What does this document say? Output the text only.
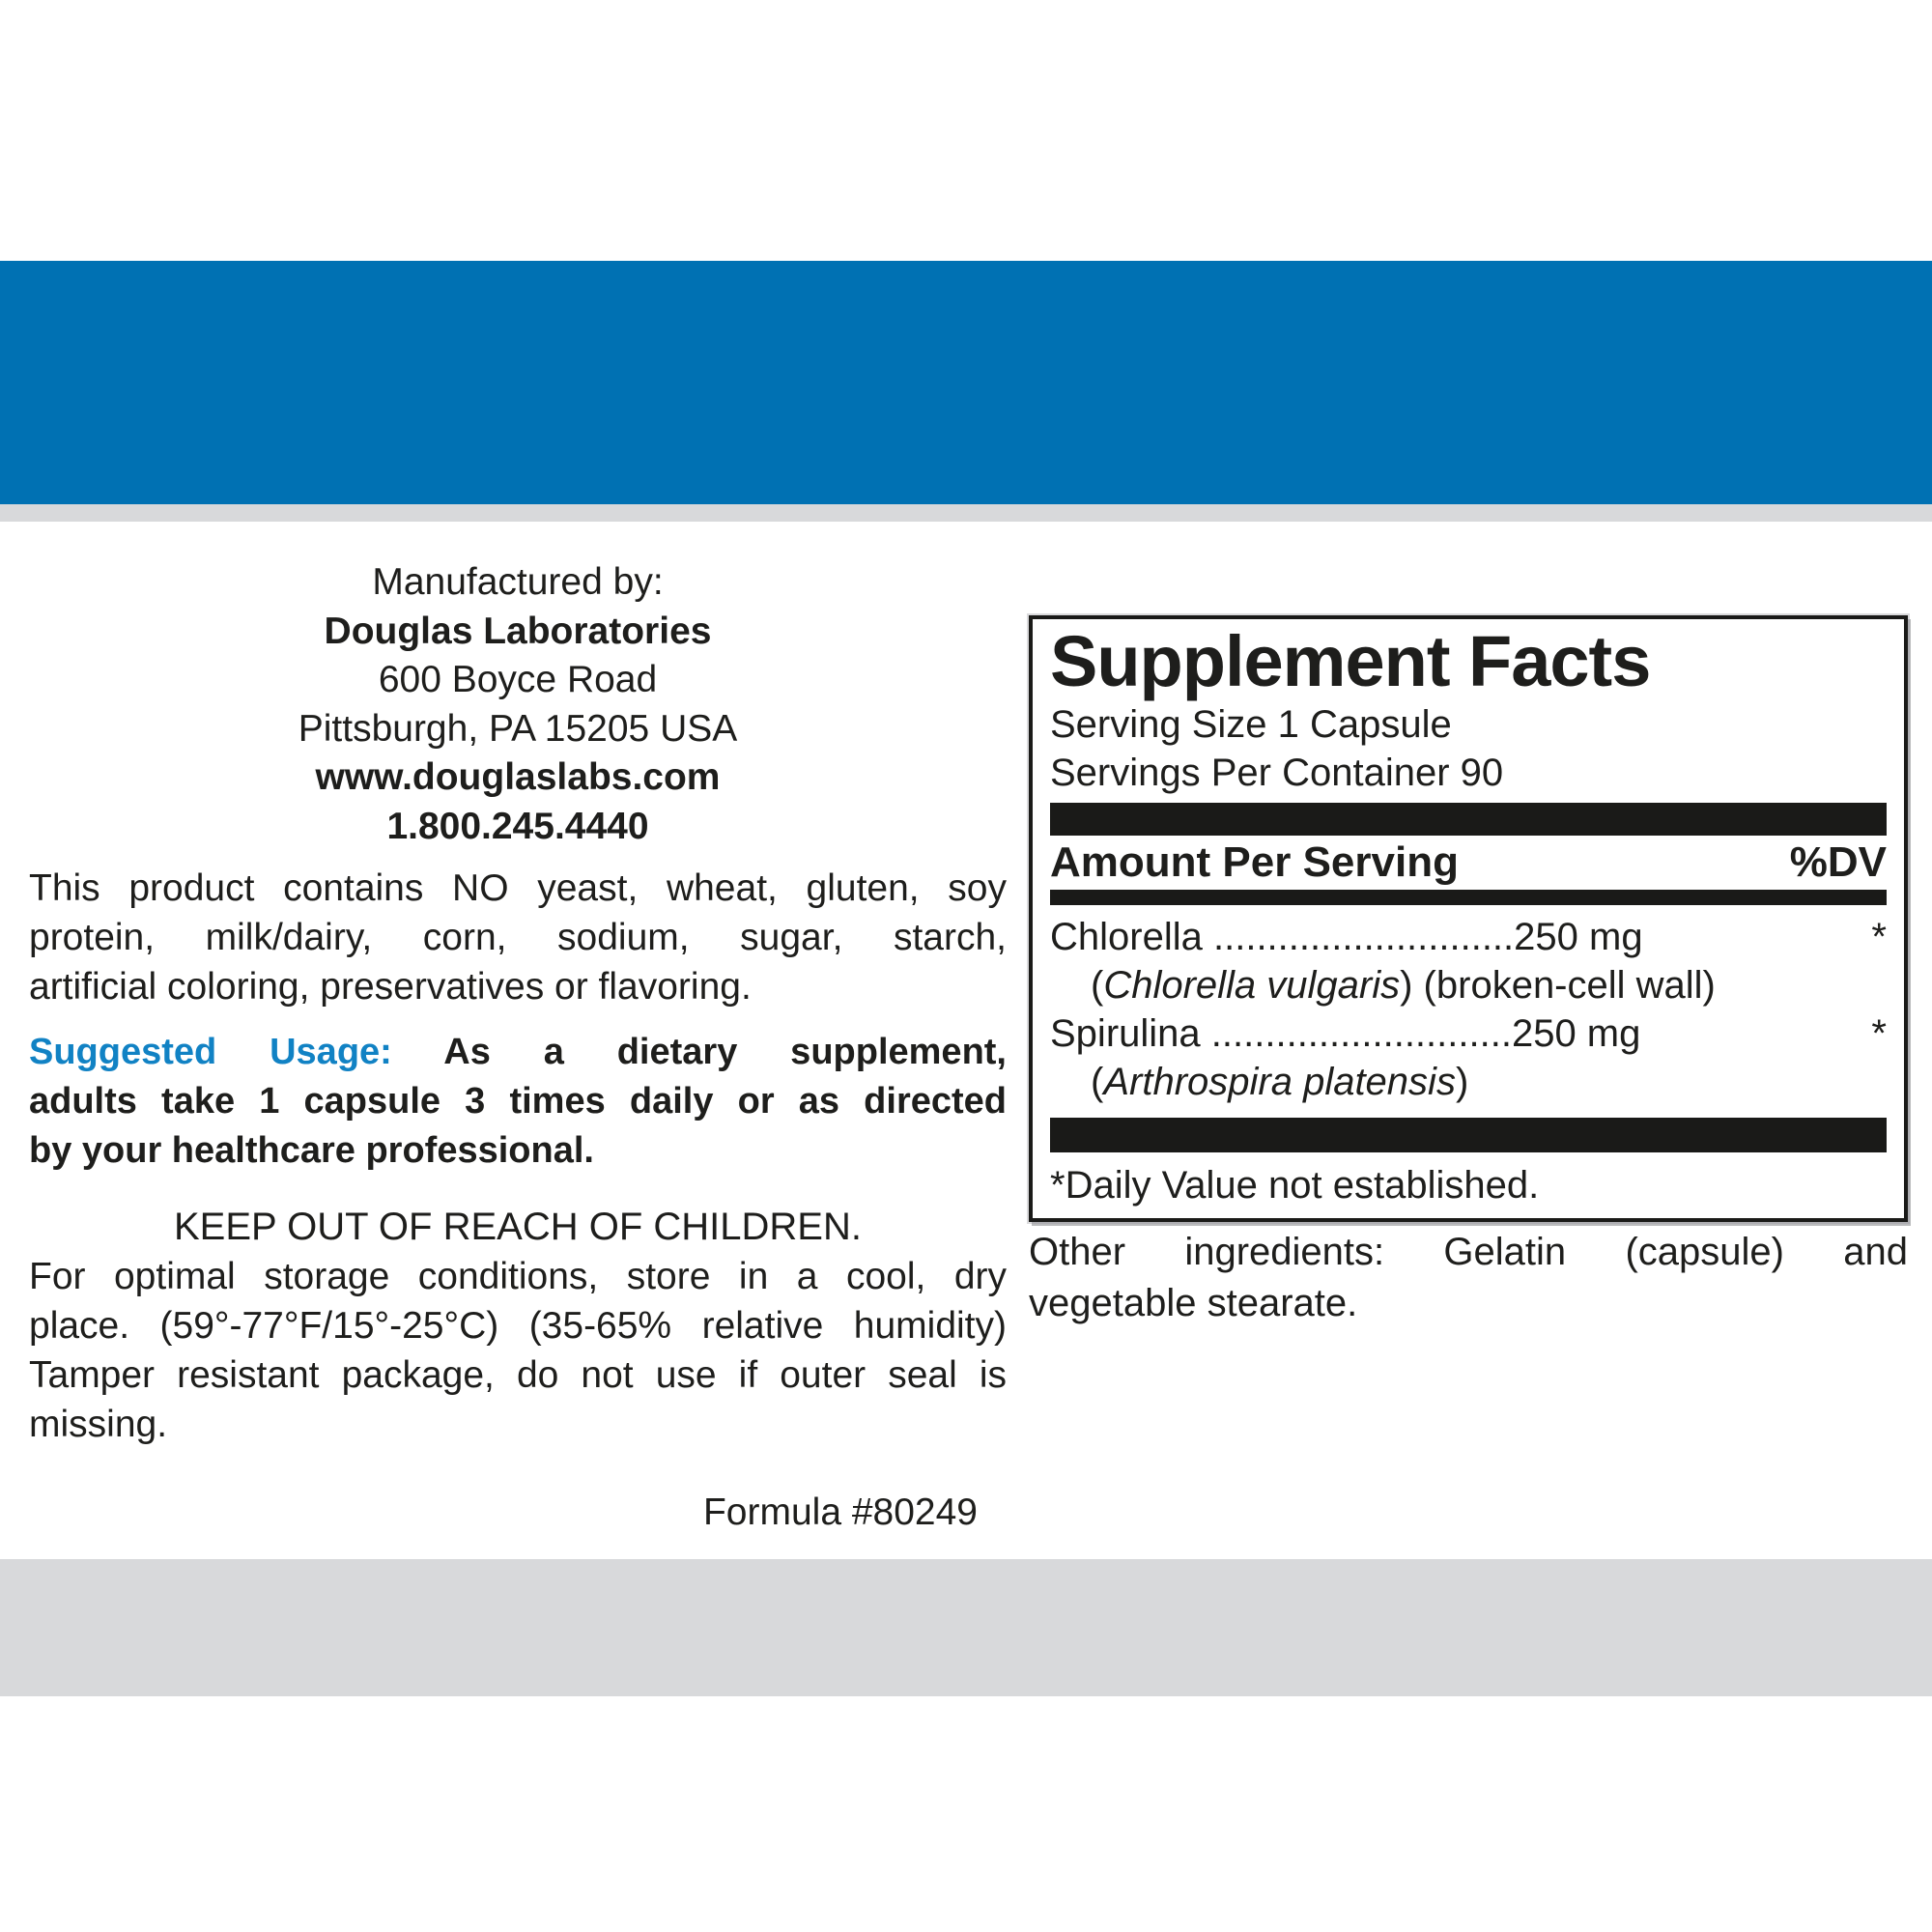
Manufactured by:
Douglas Laboratories
600 Boyce Road
Pittsburgh, PA 15205 USA
www.douglaslabs.com
1.800.245.4440
This product contains NO yeast, wheat, gluten, soy
protein, milk/dairy, corn, sodium, sugar, starch,
artificial coloring, preservatives or flavoring.
Suggested Usage: As a dietary supplement,
adults take 1 capsule 3 times daily or as directed
by your healthcare professional.
KEEP OUT OF REACH OF CHILDREN.
For optimal storage conditions, store in a cool, dry
place. (59°-77°F/15°-25°C) (35-65% relative humidity)
Tamper resistant package, do not use if outer seal is
missing.
Formula #80249
Supplement Facts
Serving Size 1 Capsule
Servings Per Container 90
Amount Per Serving	%DV
Chlorella ............................250 mg	*
(Chlorella vulgaris) (broken-cell wall)
Spirulina ............................250 mg	*
(Arthrospira platensis)
*Daily Value not established.
Other ingredients: Gelatin (capsule) and
vegetable stearate.
